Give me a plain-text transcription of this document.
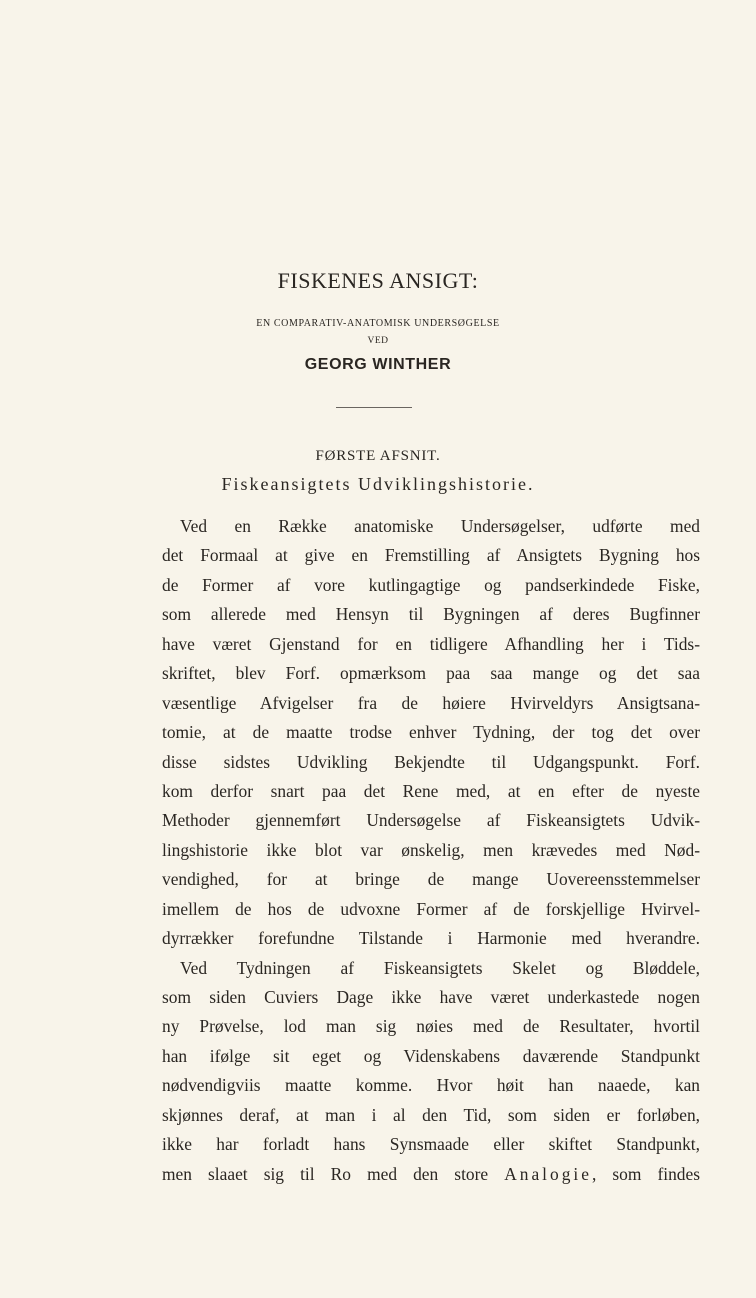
FISKENES ANSIGT:
EN COMPARATIV-ANATOMISK UNDERSØGELSE
VED
GEORG WINTHER
FØRSTE AFSNIT.
Fiskeansigtets Udviklingshistorie.
Ved en Række anatomiske Undersøgelser, udførte med
det Formaal at give en Fremstilling af Ansigtets Bygning hos
de Former af vore kutlingagtige og pandserkindede Fiske,
som allerede med Hensyn til Bygningen af deres Bugfinner
have været Gjenstand for en tidligere Afhandling her i Tids-
skriftet, blev Forf. opmærksom paa saa mange og det saa
væsentlige Afvigelser fra de høiere Hvirveldyrs Ansigtsana-
tomie, at de maatte trodse enhver Tydning, der tog det over
disse sidstes Udvikling Bekjendte til Udgangspunkt. Forf.
kom derfor snart paa det Rene med, at en efter de nyeste
Methoder gjennemført Undersøgelse af Fiskeansigtets Udvik-
lingshistorie ikke blot var ønskelig, men krævedes med Nød-
vendighed, for at bringe de mange Uovereensstemmelser
imellem de hos de udvoxne Former af de forskjellige Hvirvel-
dyrrækker forefundne Tilstande i Harmonie med hverandre.
Ved Tydningen af Fiskeansigtets Skelet og Bløddele,
som siden Cuviers Dage ikke have været underkastede nogen
ny Prøvelse, lod man sig nøies med de Resultater, hvortil
han ifølge sit eget og Videnskabens daværende Standpunkt
nødvendigviis maatte komme. Hvor høit han naaede, kan
skjønnes deraf, at man i al den Tid, som siden er forløben,
ikke har forladt hans Synsmaade eller skiftet Standpunkt,
men slaaet sig til Ro med den store Analogie, som findes
